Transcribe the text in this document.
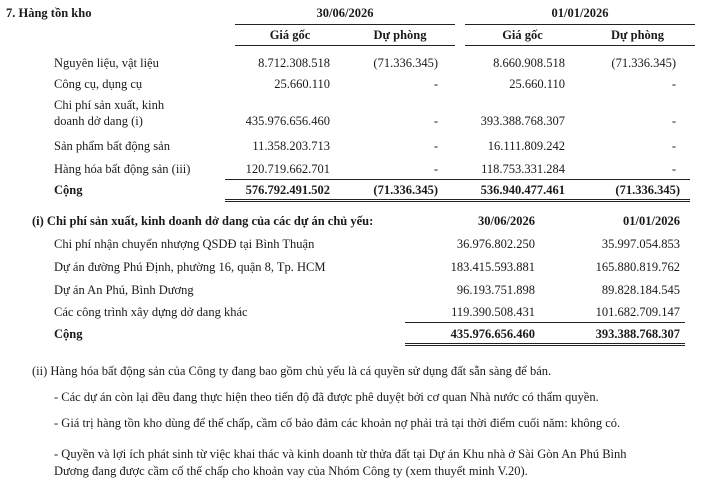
7. Hàng tồn kho	30/06/2026	01/01/2026
Giá gốc	Dự phòng	Giá gốc	Dự phòng
Nguyên liệu, vật liệu	8.712.308.518	(71.336.345)	8.660.908.518	(71.336.345)
Công cụ, dụng cụ	25.660.110	-	25.660.110	-
Chi phí sản xuất, kinh
doanh dở dang (i)	435.976.656.460	-	393.388.768.307	-
Sản phẩm bất động sản	11.358.203.713	-	16.111.809.242	-
Hàng hóa bất động sản (iii)	120.719.662.701	-	118.753.331.284	-
Cộng	576.792.491.502	(71.336.345)	536.940.477.461	(71.336.345)
(i) Chi phí sản xuất, kinh doanh dở dang của các dự án chủ yếu:	30/06/2026	01/01/2026
Chi phí nhận chuyển nhượng QSDĐ tại Bình Thuận	36.976.802.250	35.997.054.853
Dự án đường Phú Định, phường 16, quận 8, Tp. HCM	183.415.593.881	165.880.819.762
Dự án An Phú, Bình Dương	96.193.751.898	89.828.184.545
Các công trình xây dựng dở dang khác	119.390.508.431	101.682.709.147
Cộng	435.976.656.460	393.388.768.307
(ii) Hàng hóa bất động sản của Công ty đang bao gồm chủ yếu là cá quyền sử dụng đất sẵn sàng để bán.
- Các dự án còn lại đều đang thực hiện theo tiến độ đã được phê duyệt bởi cơ quan Nhà nước có thẩm quyền.
- Giá trị hàng tồn kho dùng để thế chấp, cầm cố bảo đảm các khoản nợ phải trả tại thời điểm cuối năm: không có.
- Quyền và lợi ích phát sinh từ việc khai thác và kinh doanh từ thửa đất tại Dự án Khu nhà ở Sài Gòn An Phú Bình
Dương đang được cầm cố thế chấp cho khoản vay của Nhóm Công ty (xem thuyết minh V.20).
